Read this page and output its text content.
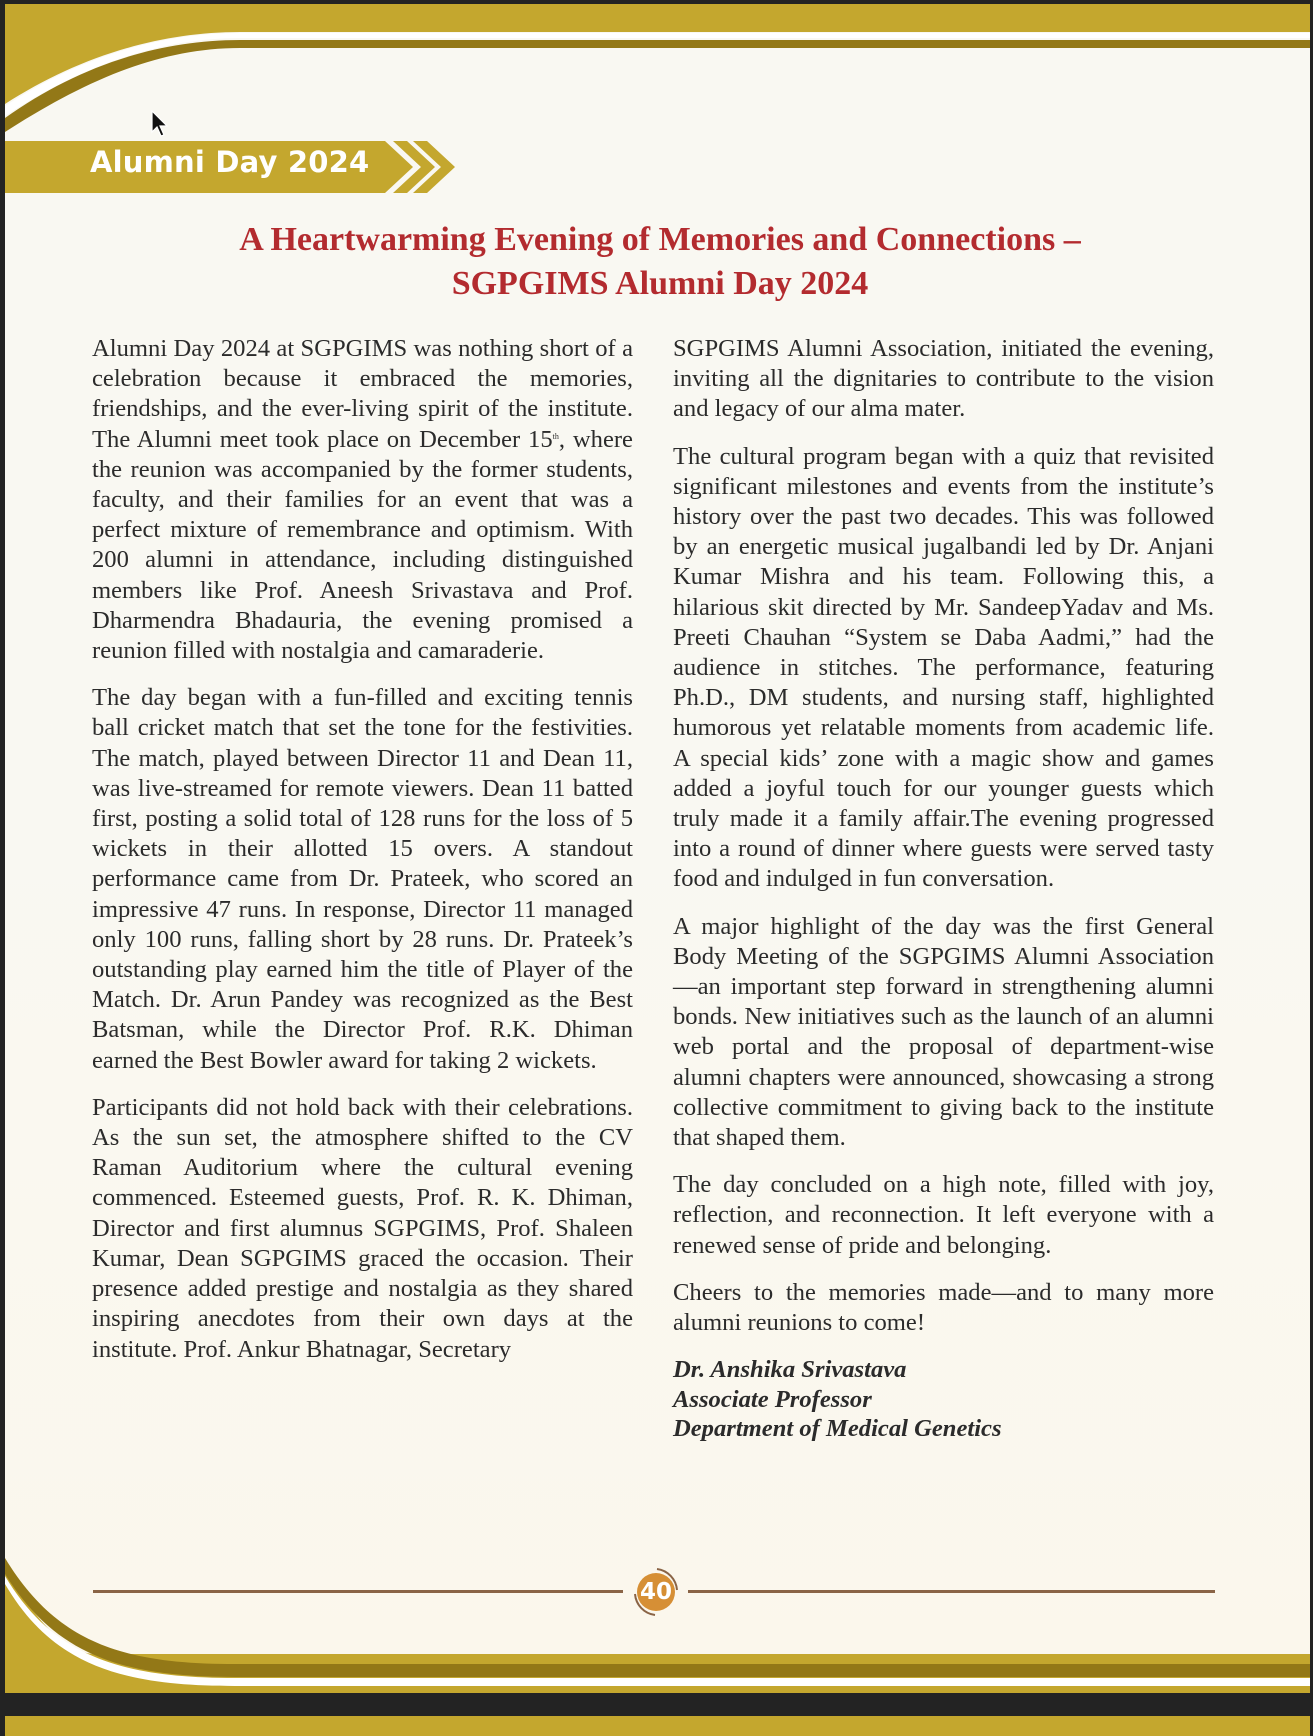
Alumni Day 2024
A Heartwarming Evening of Memories and Connections –
SGPGIMS Alumni Day 2024

Alumni Day 2024 at SGPGIMS was nothing short of a celebration because it embraced the memories, friendships, and the ever-living spirit of the institute. The Alumni meet took place on December 15th, where the reunion was accompanied by the former students, faculty, and their families for an event that was a perfect mixture of remembrance and optimism. With 200 alumni in attendance, including distinguished members like Prof. Aneesh Srivastava and Prof. Dharmendra Bhadauria, the evening promised a reunion filled with nostalgia and camaraderie.

The day began with a fun-filled and exciting tennis ball cricket match that set the tone for the festivities. The match, played between Director 11 and Dean 11, was live-streamed for remote viewers. Dean 11 batted first, posting a solid total of 128 runs for the loss of 5 wickets in their allotted 15 overs. A standout performance came from Dr. Prateek, who scored an impressive 47 runs. In response, Director 11 managed only 100 runs, falling short by 28 runs. Dr. Prateek’s outstanding play earned him the title of Player of the Match. Dr. Arun Pandey was recognized as the Best Batsman, while the Director Prof. R.K. Dhiman earned the Best Bowler award for taking 2 wickets.

Participants did not hold back with their celebrations. As the sun set, the atmosphere shifted to the CV Raman Auditorium where the cultural evening commenced. Esteemed guests, Prof. R. K. Dhiman, Director and first alumnus SGPGIMS, Prof. Shaleen Kumar, Dean SGPGIMS graced the occasion. Their presence added prestige and nostalgia as they shared inspiring anecdotes from their own days at the institute. Prof. Ankur Bhatnagar, Secretary

SGPGIMS Alumni Association, initiated the evening, inviting all the dignitaries to contribute to the vision and legacy of our alma mater.

The cultural program began with a quiz that revisited significant milestones and events from the institute’s history over the past two decades. This was followed by an energetic musical jugalbandi led by Dr. Anjani Kumar Mishra and his team. Following this, a hilarious skit directed by Mr. SandeepYadav and Ms. Preeti Chauhan “System se Daba Aadmi,” had the audience in stitches. The performance, featuring Ph.D., DM students, and nursing staff, highlighted humorous yet relatable moments from academic life. A special kids’ zone with a magic show and games added a joyful touch for our younger guests which truly made it a family affair.The evening progressed into a round of dinner where guests were served tasty food and indulged in fun conversation.

A major highlight of the day was the first General Body Meeting of the SGPGIMS Alumni Association—an important step forward in strengthening alumni bonds. New initiatives such as the launch of an alumni web portal and the proposal of department-wise alumni chapters were announced, showcasing a strong collective commitment to giving back to the institute that shaped them.

The day concluded on a high note, filled with joy, reflection, and reconnection. It left everyone with a renewed sense of pride and belonging.

Cheers to the memories made—and to many more alumni reunions to come!

Dr. Anshika Srivastava
Associate Professor
Department of Medical Genetics
40
